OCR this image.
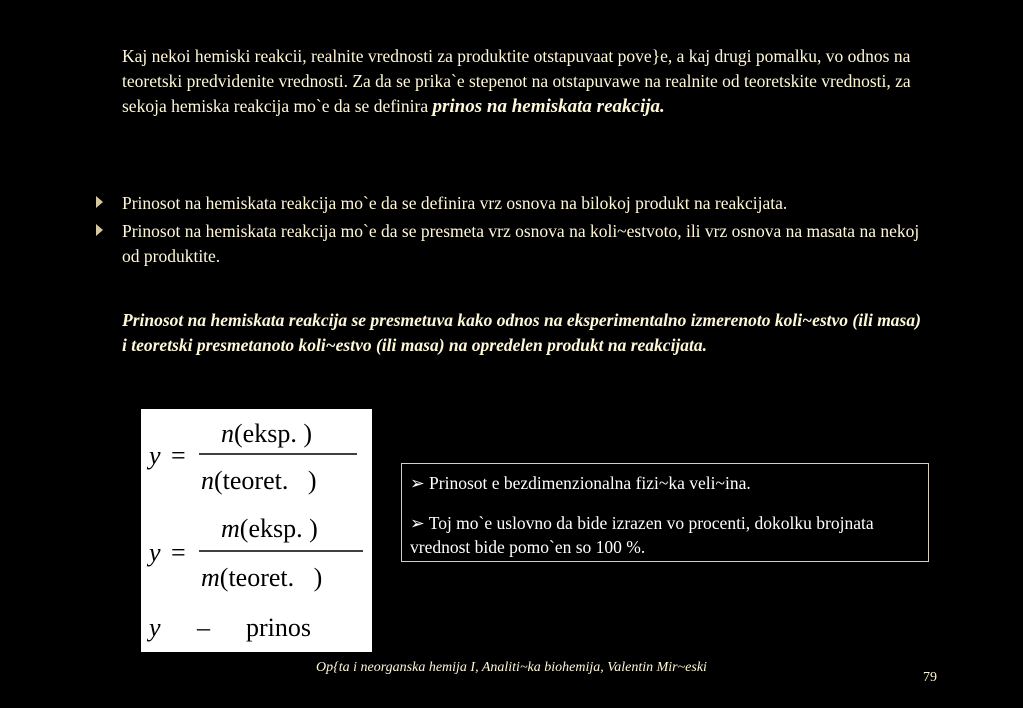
Kaj nekoi hemiski reakcii, realnite vrednosti za produktite otstapuvaat pove}e, a kaj drugi pomalku, vo odnos na teoretski predvidenite vrednosti. Za da se prika`e stepenot na otstapuvawe na realnite od teoretskite vrednosti, za sekoja hemiska reakcija mo`e da se definira prinos na hemiskata reakcija.

Prinosot na hemiskata reakcija mo`e da se definira vrz osnova na bilokoj produkt na reakcijata.
Prinosot na hemiskata reakcija mo`e da se presmeta vrz osnova na koli~estvoto, ili vrz osnova na masata na nekoj od produktite.

Prinosot na hemiskata reakcija se presmetuva kako odnos na eksperimentalno izmerenoto koli~estvo (ili masa) i teoretski presmetanoto koli~estvo (ili masa) na opredelen produkt na reakcijata.

y =
n(eksp. )
n(teoret.   )
y =
m(eksp. )
m(teoret.   )
y – prinos

➢ Prinosot e bezdimenzionalna fizi~ka veli~ina.

➢ Toj mo`e uslovno da bide izrazen vo procenti, dokolku brojnata vrednost bide pomo`en so 100 %.

Op{ta i neorganska hemija I, Analiti~ka biohemija, Valentin Mir~eski
79
